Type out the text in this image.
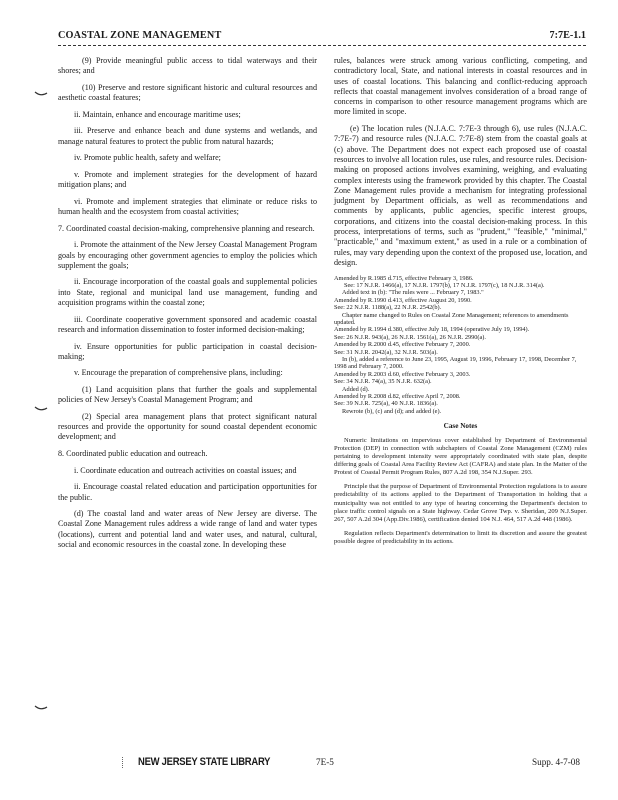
COASTAL ZONE MANAGEMENT	7:7E-1.1

(9) Provide meaningful public access to tidal waterways and their shores; and

(10) Preserve and restore significant historic and cultural resources and aesthetic coastal features;

ii. Maintain, enhance and encourage maritime uses;

iii. Preserve and enhance beach and dune systems and wetlands, and manage natural features to protect the public from natural hazards;

iv. Promote public health, safety and welfare;

v. Promote and implement strategies for the development of hazard mitigation plans; and

vi. Promote and implement strategies that eliminate or reduce risks to human health and the ecosystem from coastal activities;

7. Coordinated coastal decision-making, comprehensive planning and research.

i. Promote the attainment of the New Jersey Coastal Management Program goals by encouraging other government agencies to employ the policies which supplement the goals;

ii. Encourage incorporation of the coastal goals and supplemental policies into State, regional and municipal land use management, funding and acquisition programs within the coastal zone;

iii. Coordinate cooperative government sponsored and academic coastal research and information dissemination to foster informed decision-making;

iv. Ensure opportunities for public participation in coastal decision-making;

v. Encourage the preparation of comprehensive plans, including:

(1) Land acquisition plans that further the goals and supplemental policies of New Jersey's Coastal Management Program; and

(2) Special area management plans that protect significant natural resources and provide the opportunity for sound coastal dependent economic development; and

8. Coordinated public education and outreach.

i. Coordinate education and outreach activities on coastal issues; and

ii. Encourage coastal related education and participation opportunities for the public.

(d) The coastal land and water areas of New Jersey are diverse. The Coastal Zone Management rules address a wide range of land and water types (locations), current and potential land and water uses, and natural, cultural, social and economic resources in the coastal zone. In developing these

rules, balances were struck among various conflicting, competing, and contradictory local, State, and national interests in coastal resources and in uses of coastal locations. This balancing and conflict-reducing approach reflects that coastal management involves consideration of a broad range of concerns in comparison to other resource management programs which are more limited in scope.

(e) The location rules (N.J.A.C. 7:7E-3 through 6), use rules (N.J.A.C. 7:7E-7) and resource rules (N.J.A.C. 7:7E-8) stem from the coastal goals at (c) above. The Department does not expect each proposed use of coastal resources to involve all location rules, use rules, and resource rules. Decision-making on proposed actions involves examining, weighing, and evaluating complex interests using the framework provided by this chapter. The Coastal Zone Management rules provide a mechanism for integrating professional judgment by Department officials, as well as recommendations and comments by applicants, public agencies, specific interest groups, corporations, and citizens into the coastal decision-making process. In this process, interpretations of terms, such as "prudent," "feasible," "minimal," "practicable," and "maximum extent," as used in a rule or a combination of rules, may vary depending upon the context of the proposed use, location, and design.

Amended by R.1985 d.715, effective February 3, 1986.
See: 17 N.J.R. 1466(a), 17 N.J.R. 1797(b), 17 N.J.R. 1797(c), 18 N.J.R. 314(a).
Added text in (b): "The rules were ... February 7, 1983."
Amended by R.1990 d.413, effective August 20, 1990.
See: 22 N.J.R. 1188(a), 22 N.J.R. 2542(b).
Chapter name changed to Rules on Coastal Zone Management; references to amendments updated.
Amended by R.1994 d.380, effective July 18, 1994 (operative July 19, 1994).
See: 26 N.J.R. 943(a), 26 N.J.R. 1561(a), 26 N.J.R. 2990(a).
Amended by R.2000 d.45, effective February 7, 2000.
See: 31 N.J.R. 2042(a), 32 N.J.R. 503(a).
In (b), added a reference to June 23, 1995, August 19, 1996, February 17, 1998, December 7, 1998 and February 7, 2000.
Amended by R.2003 d.60, effective February 3, 2003.
See: 34 N.J.R. 74(a), 35 N.J.R. 632(a).
Added (d).
Amended by R.2008 d.82, effective April 7, 2008.
See: 39 N.J.R. 725(a), 40 N.J.R. 1836(a).
Rewrote (b), (c) and (d); and added (e).
Case Notes

Numeric limitations on impervious cover established by Department of Environmental Protection (DEP) in connection with subchapters of Coastal Zone Management (CZM) rules pertaining to development intensity were appropriately coordinated with state plan, despite differing goals of Coastal Area Facility Review Act (CAFRA) and state plan. In the Matter of the Protest of Coastal Permit Program Rules, 807 A.2d 198, 354 N.J.Super. 293.

Principle that the purpose of Department of Environmental Protection regulations is to assure predictability of its actions applied to the Department of Transportation in holding that a municipality was not entitled to any type of hearing concerning the Department's decision to place traffic control signals on a State highway. Cedar Grove Twp. v. Sheridan, 209 N.J.Super. 267, 507 A.2d 304 (App.Div.1986), certification denied 104 N.J. 464, 517 A.2d 448 (1986).

Regulation reflects Department's determination to limit its discretion and assure the greatest possible degree of predictability in its actions.

NEW JERSEY STATE LIBRARY	7E-5	Supp. 4-7-08
